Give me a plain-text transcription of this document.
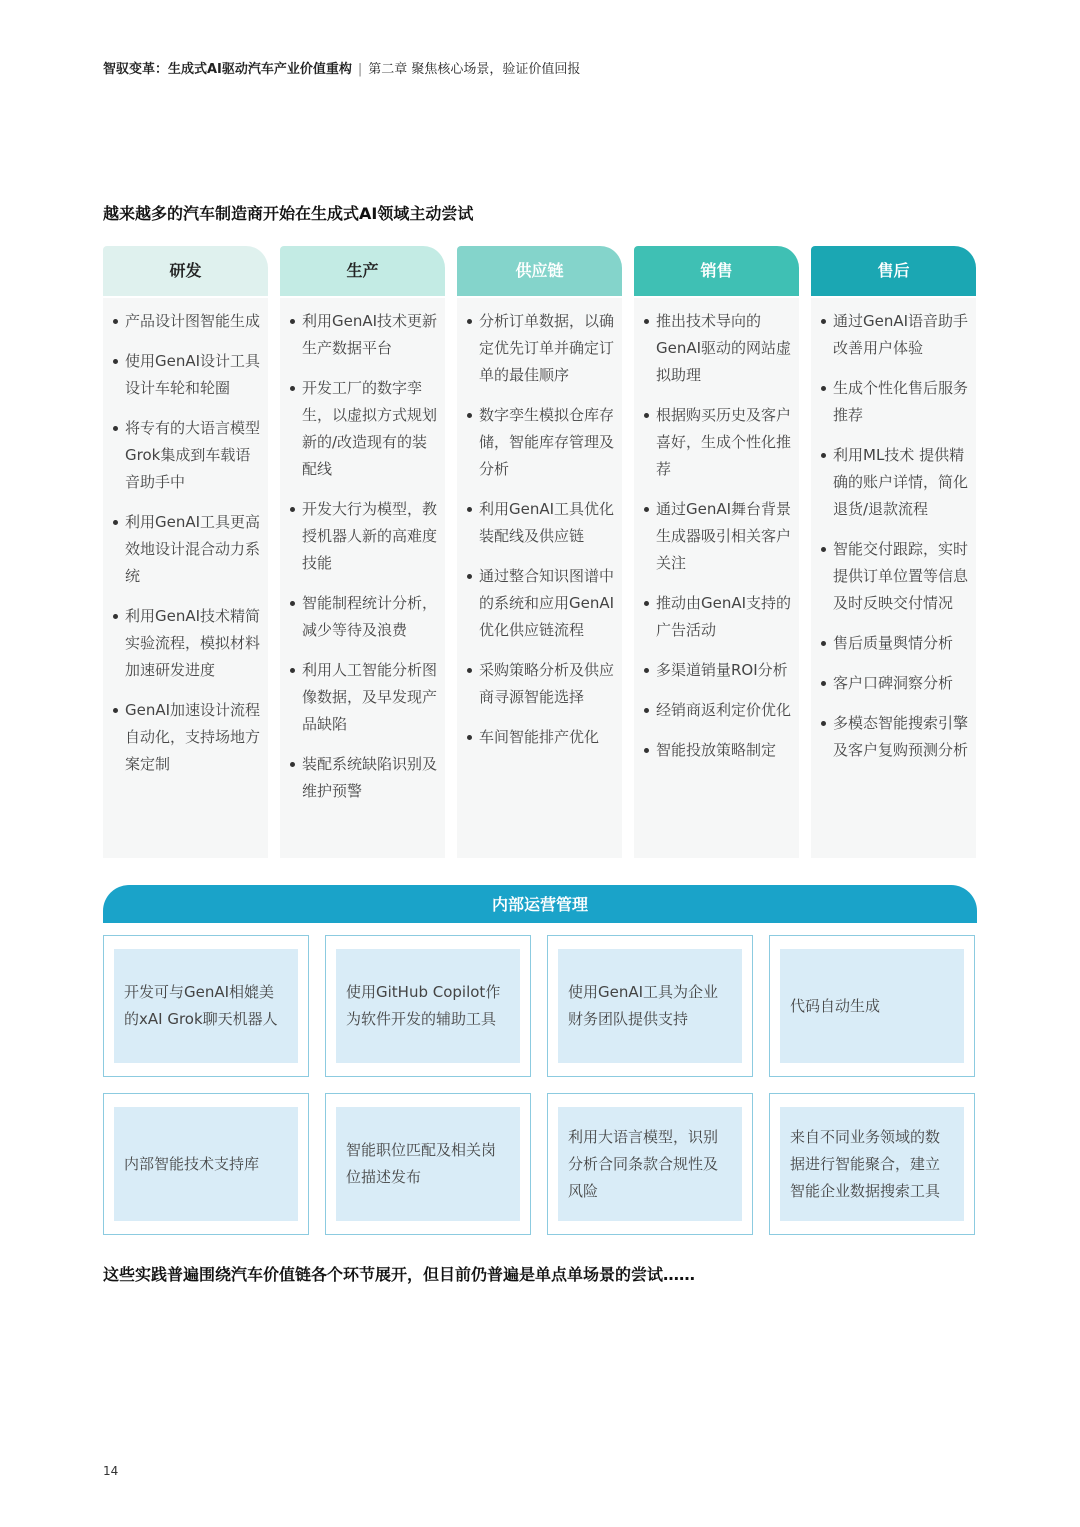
智驭变革：生成式AI驱动汽车产业价值重构 | 第二章 聚焦核心场景，验证价值回报
越来越多的汽车制造商开始在生成式AI领域主动尝试
研发
产品设计图智能生成
使用GenAI设计工具设计车轮和轮圈
将专有的大语言模型Grok集成到车载语音助手中
利用GenAI工具更高效地设计混合动力系统
利用GenAI技术精简实验流程，模拟材料加速研发进度
GenAI加速设计流程自动化，支持场地方案定制
生产
利用GenAI技术更新生产数据平台
开发工厂的数字孪生，以虚拟方式规划新的/改造现有的装配线
开发大行为模型，教授机器人新的高难度技能
智能制程统计分析，减少等待及浪费
利用人工智能分析图像数据，及早发现产品缺陷
装配系统缺陷识别及维护预警
供应链
分析订单数据，以确定优先订单并确定订单的最佳顺序
数字孪生模拟仓库存储，智能库存管理及分析
利用GenAI工具优化装配线及供应链
通过整合知识图谱中的系统和应用GenAI优化供应链流程
采购策略分析及供应商寻源智能选择
车间智能排产优化
销售
推出技术导向的GenAI驱动的网站虚拟助理
根据购买历史及客户喜好，生成个性化推荐
通过GenAI舞台背景生成器吸引相关客户关注
推动由GenAI支持的广告活动
多渠道销量ROI分析
经销商返利定价优化
智能投放策略制定
售后
通过GenAI语音助手改善用户体验
生成个性化售后服务推荐
利用ML技术 提供精确的账户详情，简化退货/退款流程
智能交付跟踪，实时提供订单位置等信息及时反映交付情况
售后质量舆情分析
客户口碑洞察分析
多模态智能搜索引擎及客户复购预测分析
内部运营管理
开发可与GenAI相媲美的xAI Grok聊天机器人
使用GitHub Copilot作为软件开发的辅助工具
使用GenAI工具为企业财务团队提供支持
代码自动生成
内部智能技术支持库
智能职位匹配及相关岗位描述发布
利用大语言模型，识别分析合同条款合规性及风险
来自不同业务领域的数据进行智能聚合，建立智能企业数据搜索工具
这些实践普遍围绕汽车价值链各个环节展开，但目前仍普遍是单点单场景的尝试……
14
